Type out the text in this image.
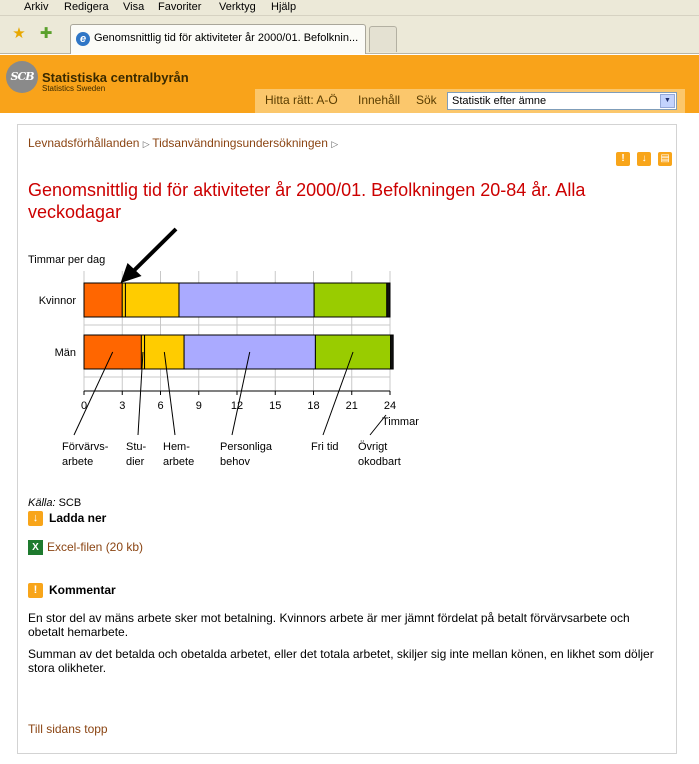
Arkiv Redigera Visa Favoriter Verktyg Hjälp
★ ✚	e Genomsnittlig tid för aktiviteter år 2000/01. Befolknin...
SCB Statistiska centralbyrån
Statistics Sweden
Hitta rätt: A-Ö Innehåll Sök	Statistik efter ämne	▼
Levnadsförhållanden ▷ Tidsanvändningsundersökningen ▷
! ↓ ▤
Genomsnittlig tid för aktiviteter år 2000/01. Befolkningen 20-84 år. Alla veckodagar
Timmar per dag
Kvinnor
Män
0	3	6	9	12 15 18 21 24
Timmar
Förvärvs-
arbete
Stu-
dier
Hem-
arbete
Personliga
behov
Fri tid Övrigt
okodbart
Källa: SCB
↓ Ladda ner
X Excel-filen (20 kb)
! Kommentar
En stor del av mäns arbete sker mot betalning. Kvinnors arbete är mer jämnt fördelat på betalt förvärvsarbete och obetalt hemarbete.
Summan av det betalda och obetalda arbetet, eller det totala arbetet, skiljer sig inte mellan könen, en likhet som döljer stora olikheter.
Till sidans topp
